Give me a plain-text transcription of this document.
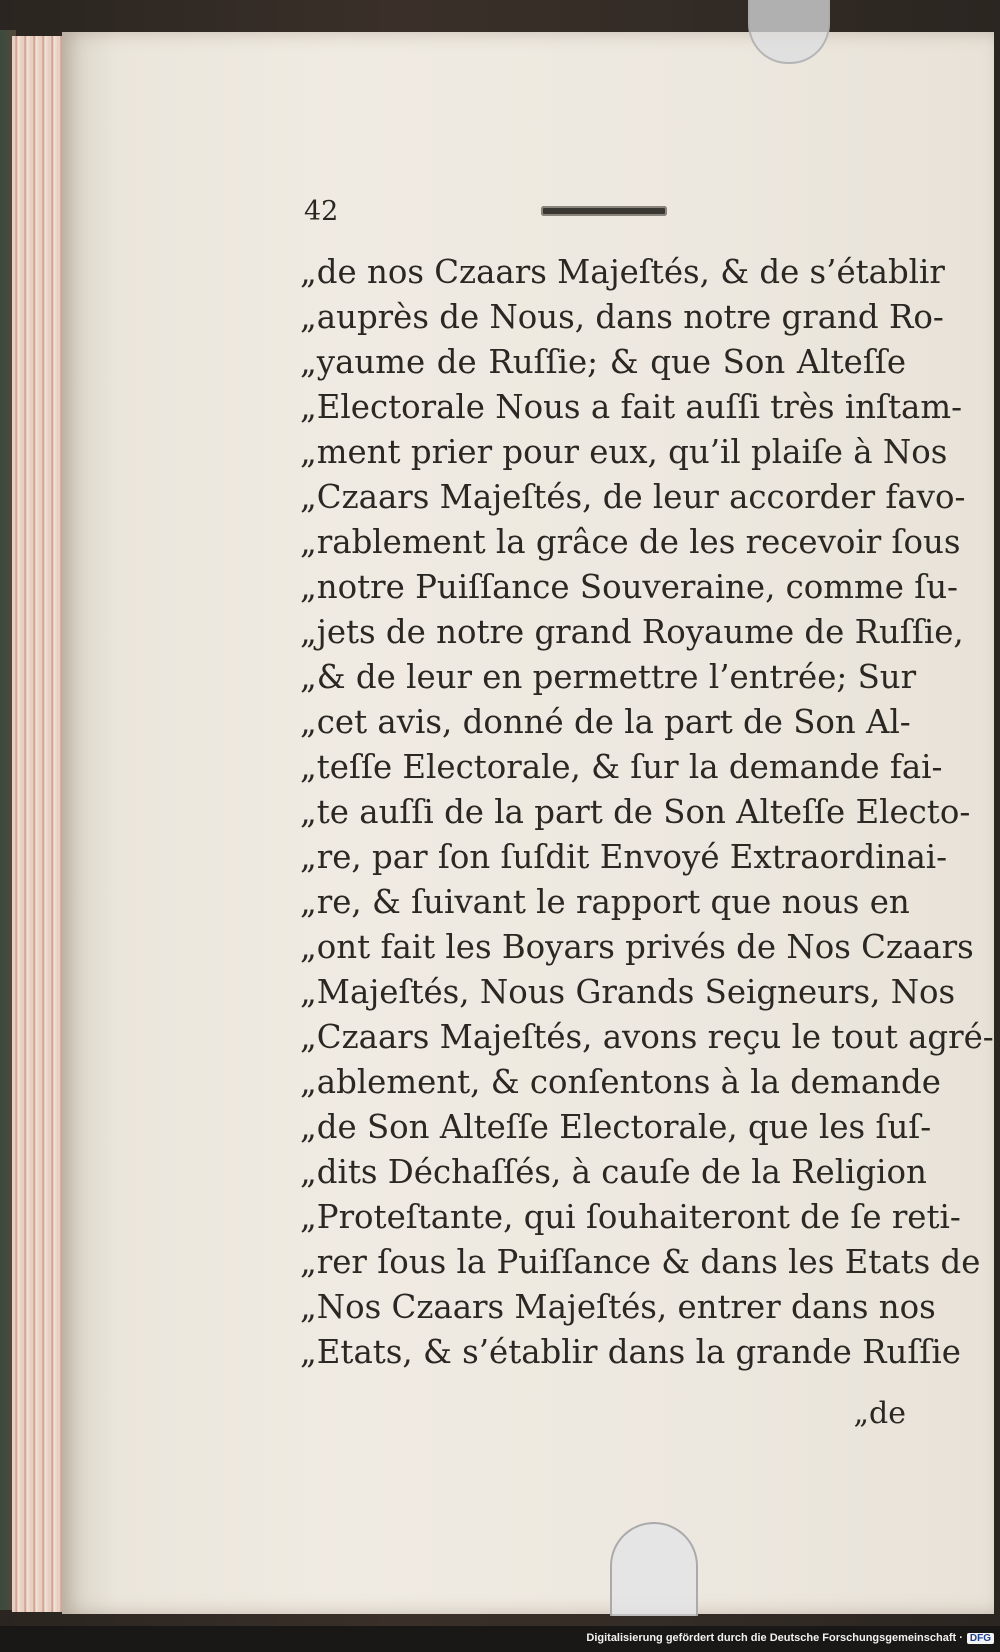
42
„de nos Czaars Majeſtés, & de s’établir
„auprès de Nous, dans notre grand Ro-
„yaume de Ruſſie; & que Son Alteſſe
„Electorale Nous a fait auſſi très inſtam-
„ment prier pour eux, qu’il plaiſe à Nos
„Czaars Majeſtés, de leur accorder favo-
„rablement la grâce de les recevoir ſous
„notre Puiſſance Souveraine, comme ſu-
„jets de notre grand Royaume de Ruſſie,
„& de leur en permettre l’entrée; Sur
„cet avis, donné de la part de Son Al-
„teſſe Electorale, & ſur la demande fai-
„te auſſi de la part de Son Alteſſe Electo-
„re, par ſon ſuſdit Envoyé Extraordinai-
„re, & ſuivant le rapport que nous en
„ont fait les Boyars privés de Nos Czaars
„Majeſtés, Nous Grands Seigneurs, Nos
„Czaars Majeſtés, avons reçu le tout agré-
„ablement, & conſentons à la demande
„de Son Alteſſe Electorale, que les ſuſ-
„dits Déchaſſés, à cauſe de la Religion
„Proteſtante, qui ſouhaiteront de ſe reti-
„rer ſous la Puiſſance & dans les Etats de
„Nos Czaars Majeſtés, entrer dans nos
„Etats, & s’établir dans la grande Ruſſie
„de
Digitalisierung gefördert durch die Deutsche Forschungsgemeinschaft · DFG
